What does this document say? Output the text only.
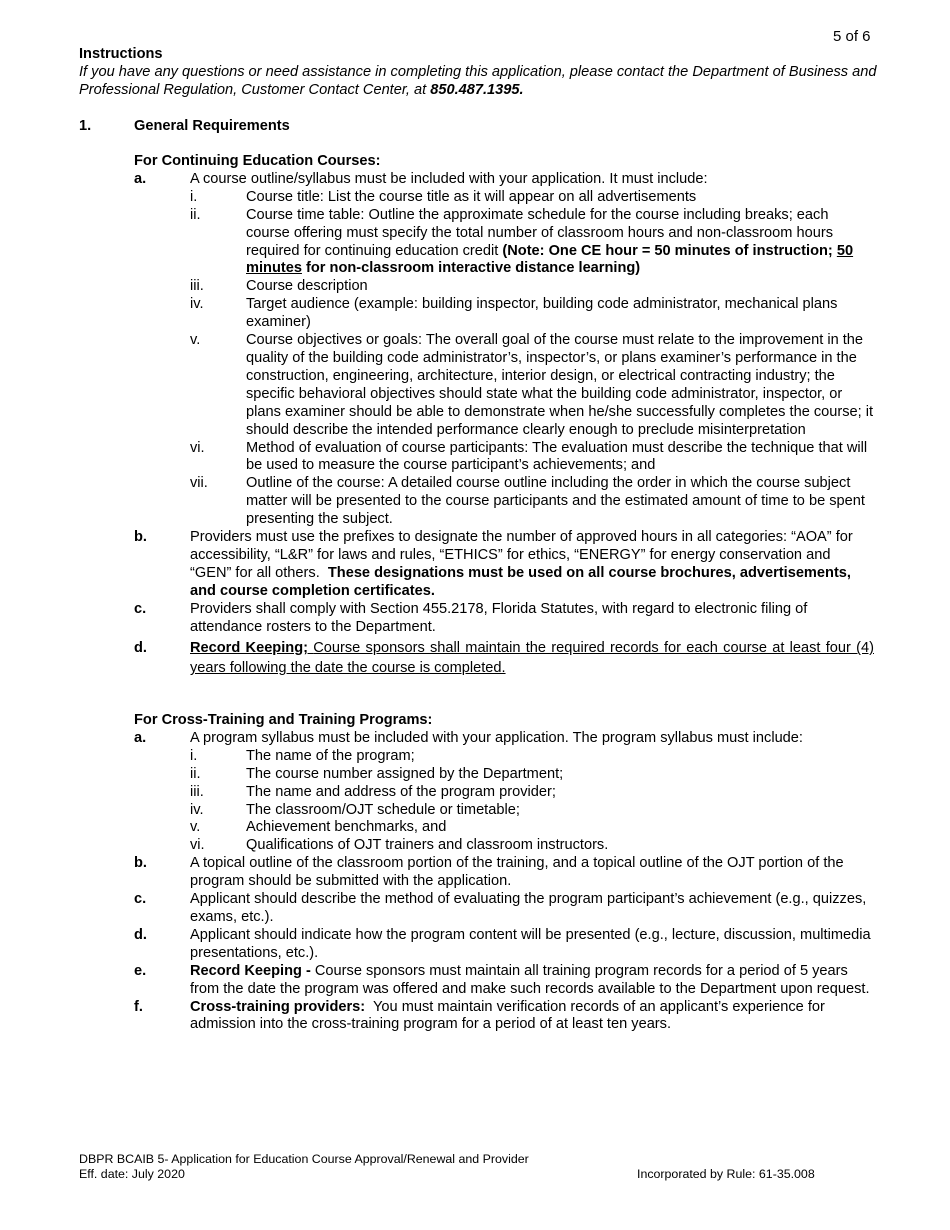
5 of 6
Instructions
If you have any questions or need assistance in completing this application, please contact the Department of Business and Professional Regulation, Customer Contact Center, at 850.487.1395.
1.	General Requirements
For Continuing Education Courses:
a.	A course outline/syllabus must be included with your application. It must include:
i.	Course title: List the course title as it will appear on all advertisements
ii.	Course time table: Outline the approximate schedule for the course including breaks; each course offering must specify the total number of classroom hours and non-classroom hours required for continuing education credit (Note: One CE hour = 50 minutes of instruction; 50 minutes for non-classroom interactive distance learning)
iii.	Course description
iv.	Target audience (example: building inspector, building code administrator, mechanical plans examiner)
v.	Course objectives or goals: The overall goal of the course must relate to the improvement in the quality of the building code administrator’s, inspector’s, or plans examiner’s performance in the construction, engineering, architecture, interior design, or electrical contracting industry; the specific behavioral objectives should state what the building code administrator, inspector, or plans examiner should be able to demonstrate when he/she successfully completes the course; it should describe the intended performance clearly enough to preclude misinterpretation
vi.	Method of evaluation of course participants: The evaluation must describe the technique that will be used to measure the course participant’s achievements; and
vii.	Outline of the course: A detailed course outline including the order in which the course subject matter will be presented to the course participants and the estimated amount of time to be spent presenting the subject.
b.	Providers must use the prefixes to designate the number of approved hours in all categories: “AOA” for accessibility, “L&R” for laws and rules, “ETHICS” for ethics, “ENERGY” for energy conservation and “GEN” for all others. These designations must be used on all course brochures, advertisements, and course completion certificates.
c.	Providers shall comply with Section 455.2178, Florida Statutes, with regard to electronic filing of attendance rosters to the Department.
d.	Record Keeping; Course sponsors shall maintain the required records for each course at least four (4) years following the date the course is completed.
For Cross-Training and Training Programs:
a.	A program syllabus must be included with your application. The program syllabus must include:
i.	The name of the program;
ii.	The course number assigned by the Department;
iii.	The name and address of the program provider;
iv.	The classroom/OJT schedule or timetable;
v.	Achievement benchmarks, and
vi.	Qualifications of OJT trainers and classroom instructors.
b.	A topical outline of the classroom portion of the training, and a topical outline of the OJT portion of the program should be submitted with the application.
c.	Applicant should describe the method of evaluating the program participant’s achievement (e.g., quizzes, exams, etc.).
d.	Applicant should indicate how the program content will be presented (e.g., lecture, discussion, multimedia presentations, etc.).
e.	Record Keeping - Course sponsors must maintain all training program records for a period of 5 years from the date the program was offered and make such records available to the Department upon request.
f.	Cross-training providers: You must maintain verification records of an applicant’s experience for admission into the cross-training program for a period of at least ten years.
DBPR BCAIB 5- Application for Education Course Approval/Renewal and Provider
Eff. date: July 2020	Incorporated by Rule: 61-35.008
